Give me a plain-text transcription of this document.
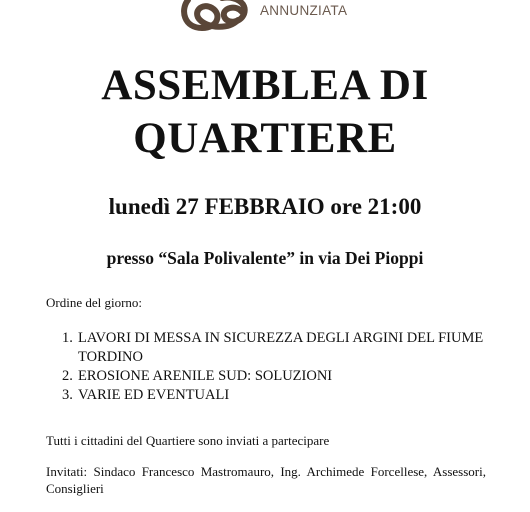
ANNUNZIATA
ASSEMBLEA DI
QUARTIERE
lunedì 27 FEBBRAIO ore 21:00
presso “Sala Polivalente” in via Dei Pioppi
Ordine del giorno:
1. LAVORI DI MESSA IN SICUREZZA DEGLI ARGINI DEL FIUME TORDINO
2. EROSIONE ARENILE SUD: SOLUZIONI
3. VARIE ED EVENTUALI
Tutti i cittadini del Quartiere sono inviati a partecipare
Invitati: Sindaco Francesco Mastromauro, Ing. Archimede Forcellese, Assessori, Consiglieri
